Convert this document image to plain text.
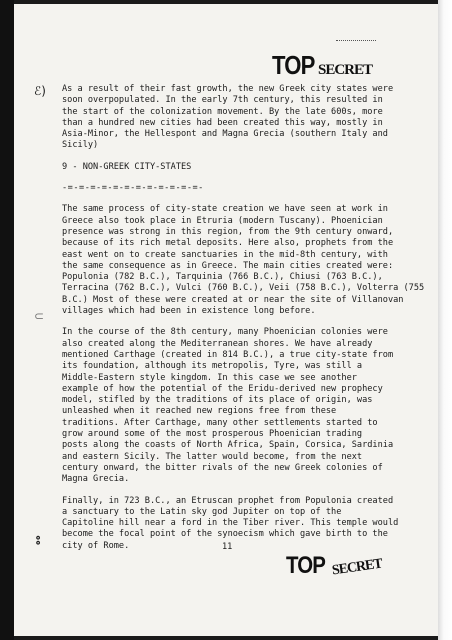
TOP SECRET
ℰ)
⊂
⦂

As a result of their fast growth, the new Greek city states were
soon overpopulated. In the early 7th century, this resulted in
the start of the colonization movement. By the late 600s, more
than a hundred new cities had been created this way, mostly in
Asia-Minor, the Hellespont and Magna Grecia (southern Italy and
Sicily)

9 - NON-GREEK CITY-STATES

-=-=-=-=-=-=-=-=-=-=-=-=-

The same process of city-state creation we have seen at work in
Greece also took place in Etruria (modern Tuscany). Phoenician
presence was strong in this region, from the 9th century onward,
because of its rich metal deposits. Here also, prophets from the
east went on to create sanctuaries in the mid-8th century, with
the same consequence as in Greece. The main cities created were:
Populonia (782 B.C.), Tarquinia (766 B.C.), Chiusi (763 B.C.),
Terracina (762 B.C.), Vulci (760 B.C.), Veii (758 B.C.), Volterra (755
B.C.) Most of these were created at or near the site of Villanovan
villages which had been in existence long before.

In the course of the 8th century, many Phoenician colonies were
also created along the Mediterranean shores. We have already
mentioned Carthage (created in 814 B.C.), a true city-state from
its foundation, although its metropolis, Tyre, was still a
Middle-Eastern style kingdom. In this case we see another
example of how the potential of the Eridu-derived new prophecy
model, stifled by the traditions of its place of origin, was
unleashed when it reached new regions free from these
traditions. After Carthage, many other settlements started to
grow around some of the most prosperous Phoenician trading
posts along the coasts of North Africa, Spain, Corsica, Sardinia
and eastern Sicily. The latter would become, from the next
century onward, the bitter rivals of the new Greek colonies of
Magna Grecia.

Finally, in 723 B.C., an Etruscan prophet from Populonia created
a sanctuary to the Latin sky god Jupiter on top of the
Capitoline hill near a ford in the Tiber river. This temple would
become the focal point of the synoecism which gave birth to the
city of Rome.	11
TOP SECRET
